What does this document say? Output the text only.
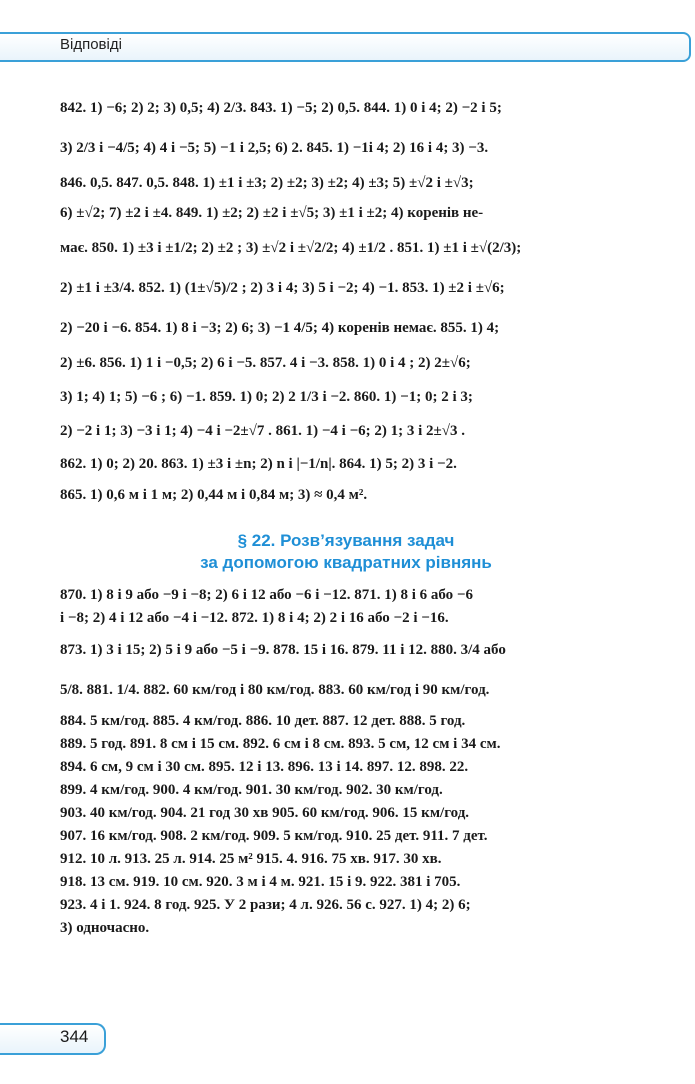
Відповіді
842. 1) −6; 2) 2; 3) 0,5; 4) 2/3. 843. 1) −5; 2) 0,5. 844. 1) 0 і 4; 2) −2 і 5;
3) 2/3 і −4/5; 4) 4 і −5; 5) −1 і 2,5; 6) 2. 845. 1) −1і 4; 2) 16 і 4; 3) −3.
846. 0,5. 847. 0,5. 848. 1) ±1 і ±3; 2) ±2; 3) ±2; 4) ±3; 5) ±√2 і ±√3;
6) ±√2; 7) ±2 і ±4. 849. 1) ±2; 2) ±2 і ±√5; 3) ±1 і ±2; 4) коренів не-
має. 850. 1) ±3 і ±1/2; 2) ±2 ; 3) ±√2 і ±√2/2; 4) ±1/2 . 851. 1) ±1 і ±√(2/3);
2) ±1 і ±3/4. 852. 1) (1±√5)/2 ; 2) 3 і 4; 3) 5 і −2; 4) −1. 853. 1) ±2 і ±√6;
2) −20 і −6. 854. 1) 8 і −3; 2) 6; 3) −1 4/5; 4) коренів немає. 855. 1) 4;
2) ±6. 856. 1) 1 і −0,5; 2) 6 і −5. 857. 4 і −3. 858. 1) 0 і 4 ; 2) 2±√6;
3) 1; 4) 1; 5) −6 ; 6) −1. 859. 1) 0; 2) 2 1/3 і −2. 860. 1) −1; 0; 2 і 3;
2) −2 і 1; 3) −3 і 1; 4) −4 і −2±√7 . 861. 1) −4 і −6; 2) 1; 3 і 2±√3 .
862. 1) 0; 2) 20. 863. 1) ±3 і ±n; 2) n і |−1/n|. 864. 1) 5; 2) 3 і −2.
865. 1) 0,6 м і 1 м; 2) 0,44 м і 0,84 м; 3) ≈ 0,4 м².
§ 22. Розв’язування задач
за допомогою квадратних рівнянь
870. 1) 8 і 9 або −9 і −8; 2) 6 і 12 або −6 і −12. 871. 1) 8 і 6 або −6
і −8; 2) 4 і 12 або −4 і −12. 872. 1) 8 і 4; 2) 2 і 16 або −2 і −16.
873. 1) 3 і 15; 2) 5 і 9 або −5 і −9. 878. 15 і 16. 879. 11 і 12. 880. 3/4 або
5/8. 881. 1/4. 882. 60 км/год і 80 км/год. 883. 60 км/год і 90 км/год.
884. 5 км/год. 885. 4 км/год. 886. 10 дет. 887. 12 дет. 888. 5 год.
889. 5 год. 891. 8 см і 15 см. 892. 6 см і 8 см. 893. 5 см, 12 см і 34 см.
894. 6 см, 9 см і 30 см. 895. 12 і 13. 896. 13 і 14. 897. 12. 898. 22.
899. 4 км/год. 900. 4 км/год. 901. 30 км/год. 902. 30 км/год.
903. 40 км/год. 904. 21 год 30 хв 905. 60 км/год. 906. 15 км/год.
907. 16 км/год. 908. 2 км/год. 909. 5 км/год. 910. 25 дет. 911. 7 дет.
912. 10 л. 913. 25 л. 914. 25 м² 915. 4. 916. 75 хв. 917. 30 хв.
918. 13 см. 919. 10 см. 920. 3 м і 4 м. 921. 15 і 9. 922. 381 і 705.
923. 4 і 1. 924. 8 год. 925. У 2 рази; 4 л. 926. 56 с. 927. 1) 4; 2) 6;
3) одночасно.
344
